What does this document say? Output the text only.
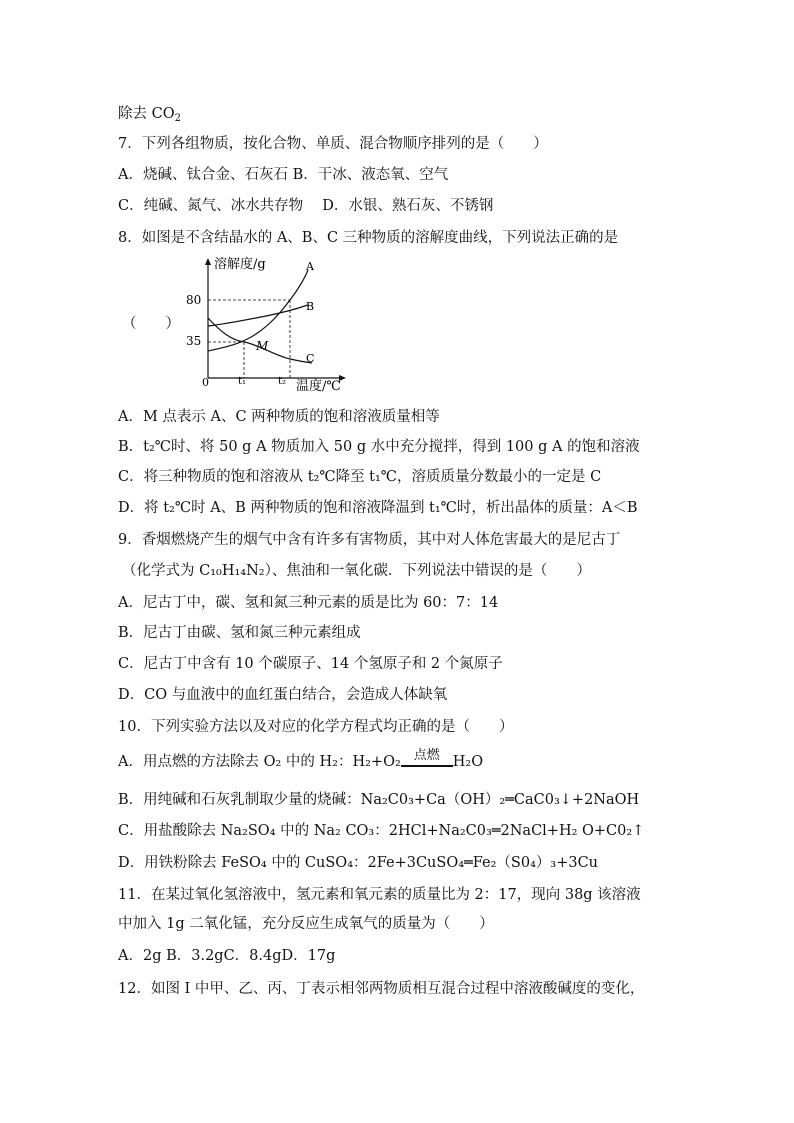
除去 $CO_2$
7．下列各组物质，按化合物、单质、混合物顺序排列的是（　　）
A．烧碱、钛合金、石灰石 B．干冰、液态氧、空气
C．纯碱、氮气、冰水共存物　 D．水银、熟石灰、不锈钢
8．如图是不含结晶水的 A、B、C 三种物质的溶解度曲线，下列说法正确的是
（　　）
溶解度/g
温度/℃
80
35
0	t₁	t₂
A
B
C
M
A．M 点表示 A、C 两种物质的饱和溶液质量相等
B．t₂℃时、将 50 g A 物质加入 50 g 水中充分搅拌，得到 100 g A 的饱和溶液
C．将三种物质的饱和溶液从 t₂℃降至 t₁℃，溶质质量分数最小的一定是 C
D．将 t₂℃时 A、B 两种物质的饱和溶液降温到 t₁℃时，析出晶体的质量：A＜B
9．香烟燃烧产生的烟气中含有许多有害物质，其中对人体危害最大的是尼古丁
（化学式为 C₁₀H₁₄N₂）、焦油和一氧化碳．下列说法中错误的是（　　）
A．尼古丁中，碳、氢和氮三种元素的质是比为 60：7：14
B．尼古丁由碳、氢和氮三种元素组成
C．尼古丁中含有 10 个碳原子、14 个氢原子和 2 个氮原子
D．CO 与血液中的血红蛋白结合，会造成人体缺氧
10．下列实验方法以及对应的化学方程式均正确的是（　　）
A．用点燃的方法除去 O₂ 中的 H₂：H₂+O₂ 点燃 H₂O
B．用纯碱和石灰乳制取少量的烧碱：Na₂C0₃+Ca（OH）₂═CaC0₃↓+2NaOH
C．用盐酸除去 Na₂SO₄ 中的 Na₂ CO₃：2HCl+Na₂C0₃═2NaCl+H₂ O+C0₂↑
D．用铁粉除去 FeSO₄ 中的 CuSO₄：2Fe+3CuSO₄═Fe₂（S0₄）₃+3Cu
11．在某过氧化氢溶液中，氢元素和氧元素的质量比为 2：17，现向 38g 该溶液
中加入 1g 二氧化锰，充分反应生成氧气的质量为（　　）
A．2g B．3.2gC．8.4gD．17g
12．如图 I 中甲、乙、丙、丁表示相邻两物质相互混合过程中溶液酸碱度的变化，
